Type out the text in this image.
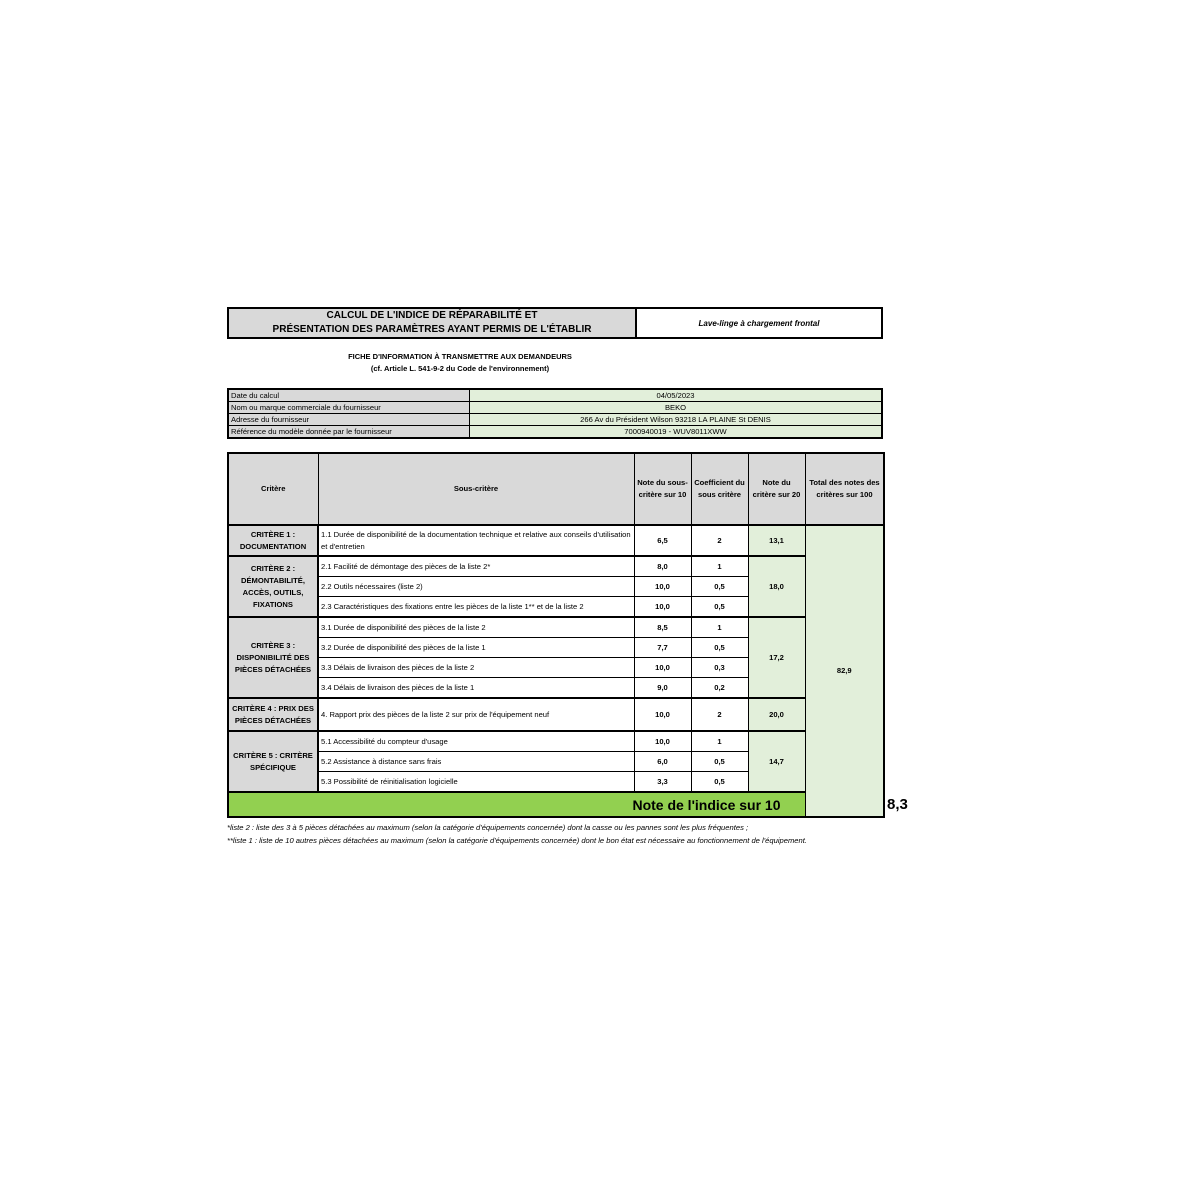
CALCUL DE L'INDICE DE RÉPARABILITÉ ET
PRÉSENTATION DES PARAMÈTRES AYANT PERMIS DE L'ÉTABLIR
Lave-linge à chargement frontal
FICHE D'INFORMATION À TRANSMETTRE AUX DEMANDEURS
(cf. Article L. 541-9-2 du Code de l'environnement)
Date du calcul	04/05/2023
Nom ou marque commerciale du fournisseur	BEKO
Adresse du fournisseur	266 Av du Président Wilson 93218 LA PLAINE St DENIS
Référence du modèle donnée par le fournisseur	7000940019 - WUV8011XWW
Critère	Sous-critère	Note du sous-critère sur 10	Coefficient du sous critère	Note du critère sur 20	Total des notes des critères sur 100	
CRITÈRE 1 : DOCUMENTATION	1.1 Durée de disponibilité de la documentation technique et relative aux conseils d'utilisation et d'entretien	6,5	2	13,1	82,9	
CRITÈRE 2 : DÉMONTABILITÉ, ACCÈS, OUTILS, FIXATIONS	2.1 Facilité de démontage des pièces de la liste 2*	8,0	1	18,0		
	2.2 Outils nécessaires (liste 2)	10,0	0,5			
	2.3 Caractéristiques des fixations entre les pièces de la liste 1** et de la liste 2	10,0	0,5			
CRITÈRE 3 : DISPONIBILITÉ DES PIÈCES DÉTACHÉES	3.1 Durée de disponibilité des pièces de la liste 2	8,5	1	17,2		
	3.2 Durée de disponibilité des pièces de la liste 1	7,7	0,5			
	3.3 Délais de livraison des pièces de la liste 2	10,0	0,3			
	3.4 Délais de livraison des pièces de la liste 1	9,0	0,2			
CRITÈRE 4 : PRIX DES PIÈCES DÉTACHÉES	4. Rapport prix des pièces de la liste 2 sur prix de l'équipement neuf	10,0	2	20,0		
CRITÈRE 5 : CRITÈRE SPÉCIFIQUE	5.1 Accessibilité du compteur d'usage	10,0	1	14,7		
	5.2 Assistance à distance sans frais	6,0	0,5			
	5.3 Possibilité de réinitialisation logicielle	3,3	0,5			
Note de l'indice sur 10						8,3
*liste 2 : liste des 3 à 5 pièces détachées au maximum (selon la catégorie d'équipements concernée) dont la casse ou les pannes sont les plus fréquentes ;
**liste 1 : liste de 10 autres pièces détachées au maximum (selon la catégorie d'équipements concernée) dont le bon état est nécessaire au fonctionnement de l'équipement.
